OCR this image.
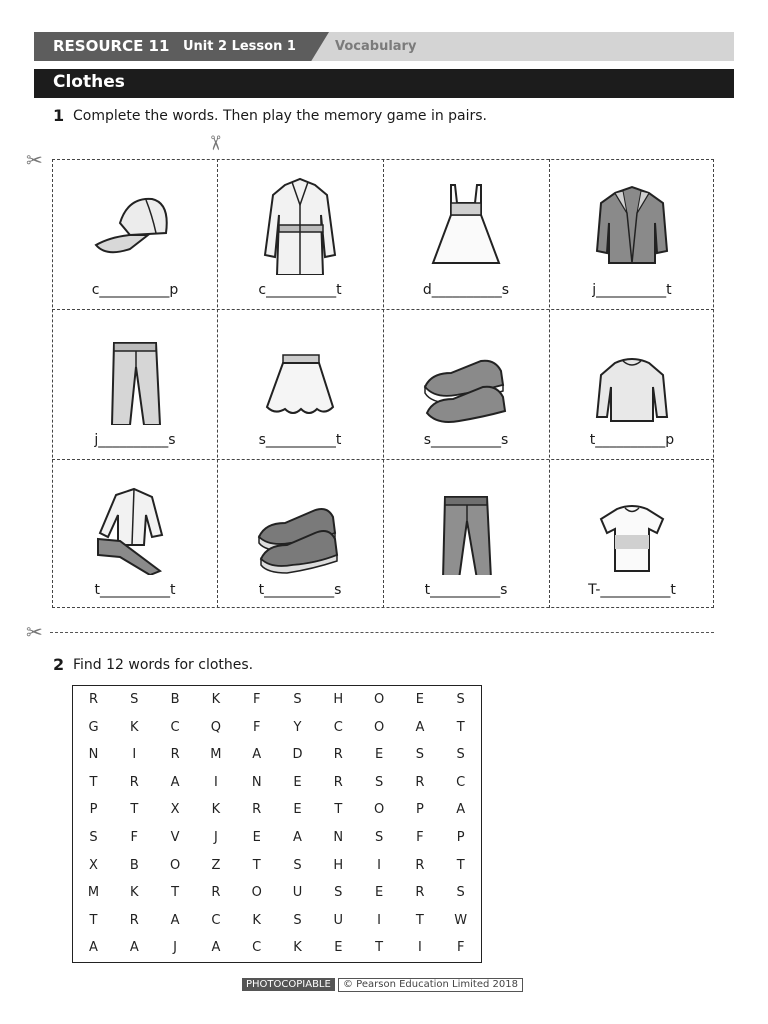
RESOURCE 11 Unit 2 Lesson 1	Vocabulary
Clothes
1 Complete the words. Then play the memory game in pairs.
✂
✂
c__________p	c__________t	d__________s	j__________t
j__________s	s__________t	s__________s	t__________p
t__________t	t__________s	t__________s	T-__________t
✂
2 Find 12 words for clothes.
R	S	B	K	F	S	H	O	E	S
G	K	C	Q	F	Y	C	O	A	T
N	I	R	M	A	D	R	E	S	S
T	R	A	I	N	E	R	S	R	C
P	T	X	K	R	E	T	O	P	A
S	F	V	J	E	A	N	S	F	P
X	B	O	Z	T	S	H	I	R	T
M	K	T	R	O	U	S	E	R	S
T	R	A	C	K	S	U	I	T	W
A	A	J	A	C	K	E	T	I	F
PHOTOCOPIABLE	© Pearson Education Limited 2018
